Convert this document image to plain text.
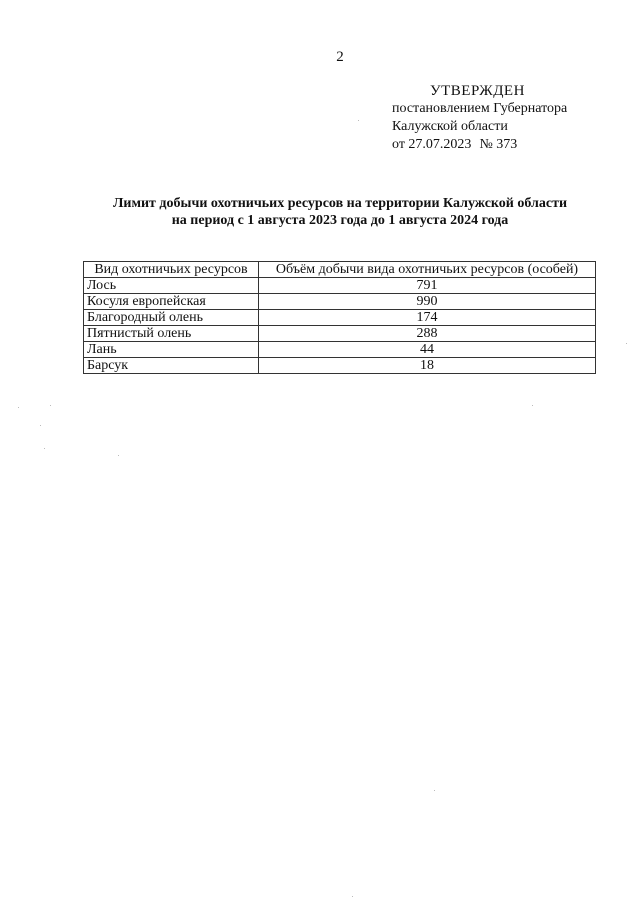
2
УТВЕРЖДЕН
постановлением Губернатора
Калужской области
от 27.07.2023 № 373
Лимит добычи охотничьих ресурсов на территории Калужской области
на период с 1 августа 2023 года до 1 августа 2024 года
Вид охотничьих ресурсов	Объём добычи вида охотничьих ресурсов (особей)
Лось	791
Косуля европейская	990
Благородный олень	174
Пятнистый олень	288
Лань	44
Барсук	18
